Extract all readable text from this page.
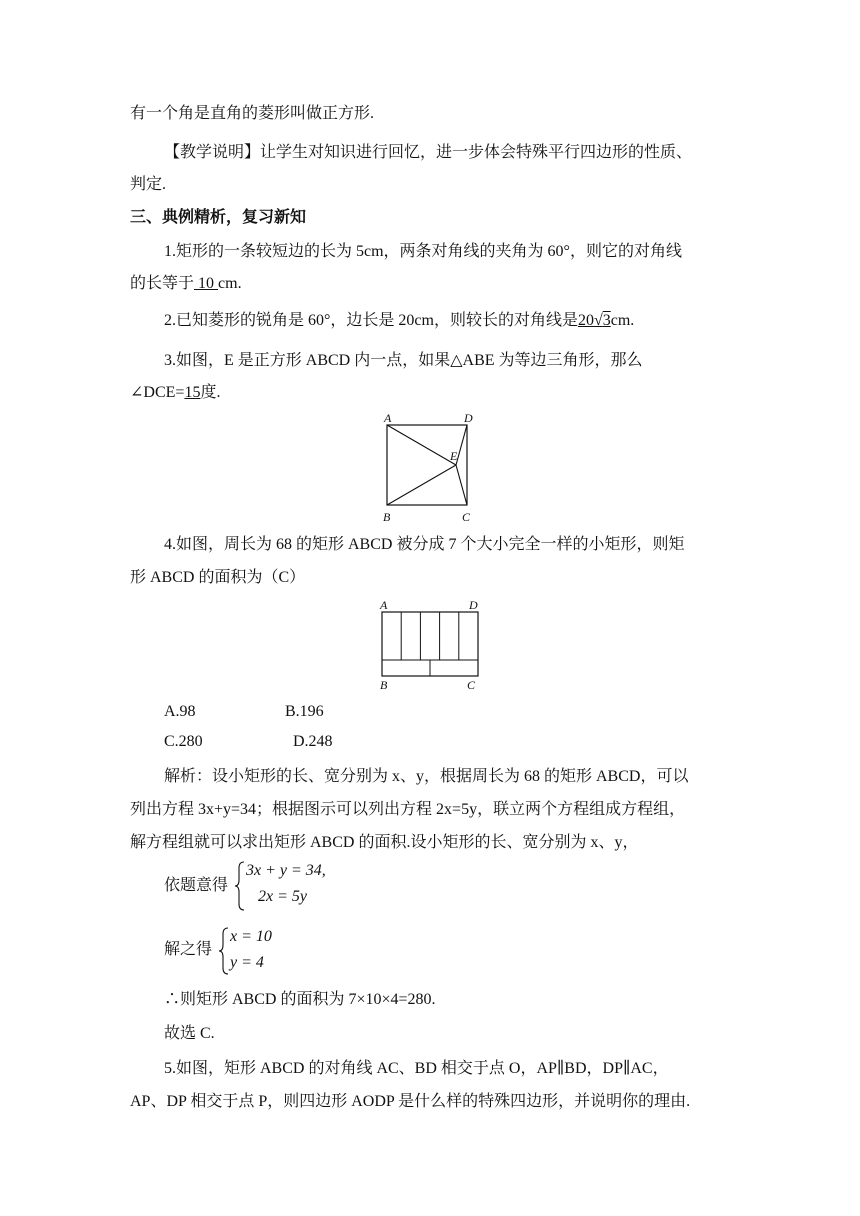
有一个角是直角的菱形叫做正方形.
【教学说明】让学生对知识进行回忆，进一步体会特殊平行四边形的性质、
判定.
三、典例精析，复习新知
1.矩形的一条较短边的长为 5cm，两条对角线的夹角为 60°，则它的对角线
的长等于 10 cm.
2.已知菱形的锐角是 60°，边长是 20cm，则较长的对角线是20√3cm.
3.如图，E 是正方形 ABCD 内一点，如果△ABE 为等边三角形，那么
∠DCE=15度.
A	D
E
B	C
4.如图，周长为 68 的矩形 ABCD 被分成 7 个大小完全一样的小矩形，则矩
形 ABCD 的面积为（C）
A	D
B	C
A.98	B.196
C.280	D.248
解析：设小矩形的长、宽分别为 x、y，根据周长为 68 的矩形 ABCD，可以
列出方程 3x+y=34；根据图示可以列出方程 2x=5y，联立两个方程组成方程组，
解方程组就可以求出矩形 ABCD 的面积.设小矩形的长、宽分别为 x、y，
依题意得
3x + y = 34,
2x = 5y
解之得
x = 10
y = 4
∴则矩形 ABCD 的面积为 7×10×4=280.
故选 C.
5.如图，矩形 ABCD 的对角线 AC、BD 相交于点 O，AP∥BD，DP∥AC，
AP、DP 相交于点 P，则四边形 AODP 是什么样的特殊四边形，并说明你的理由.
